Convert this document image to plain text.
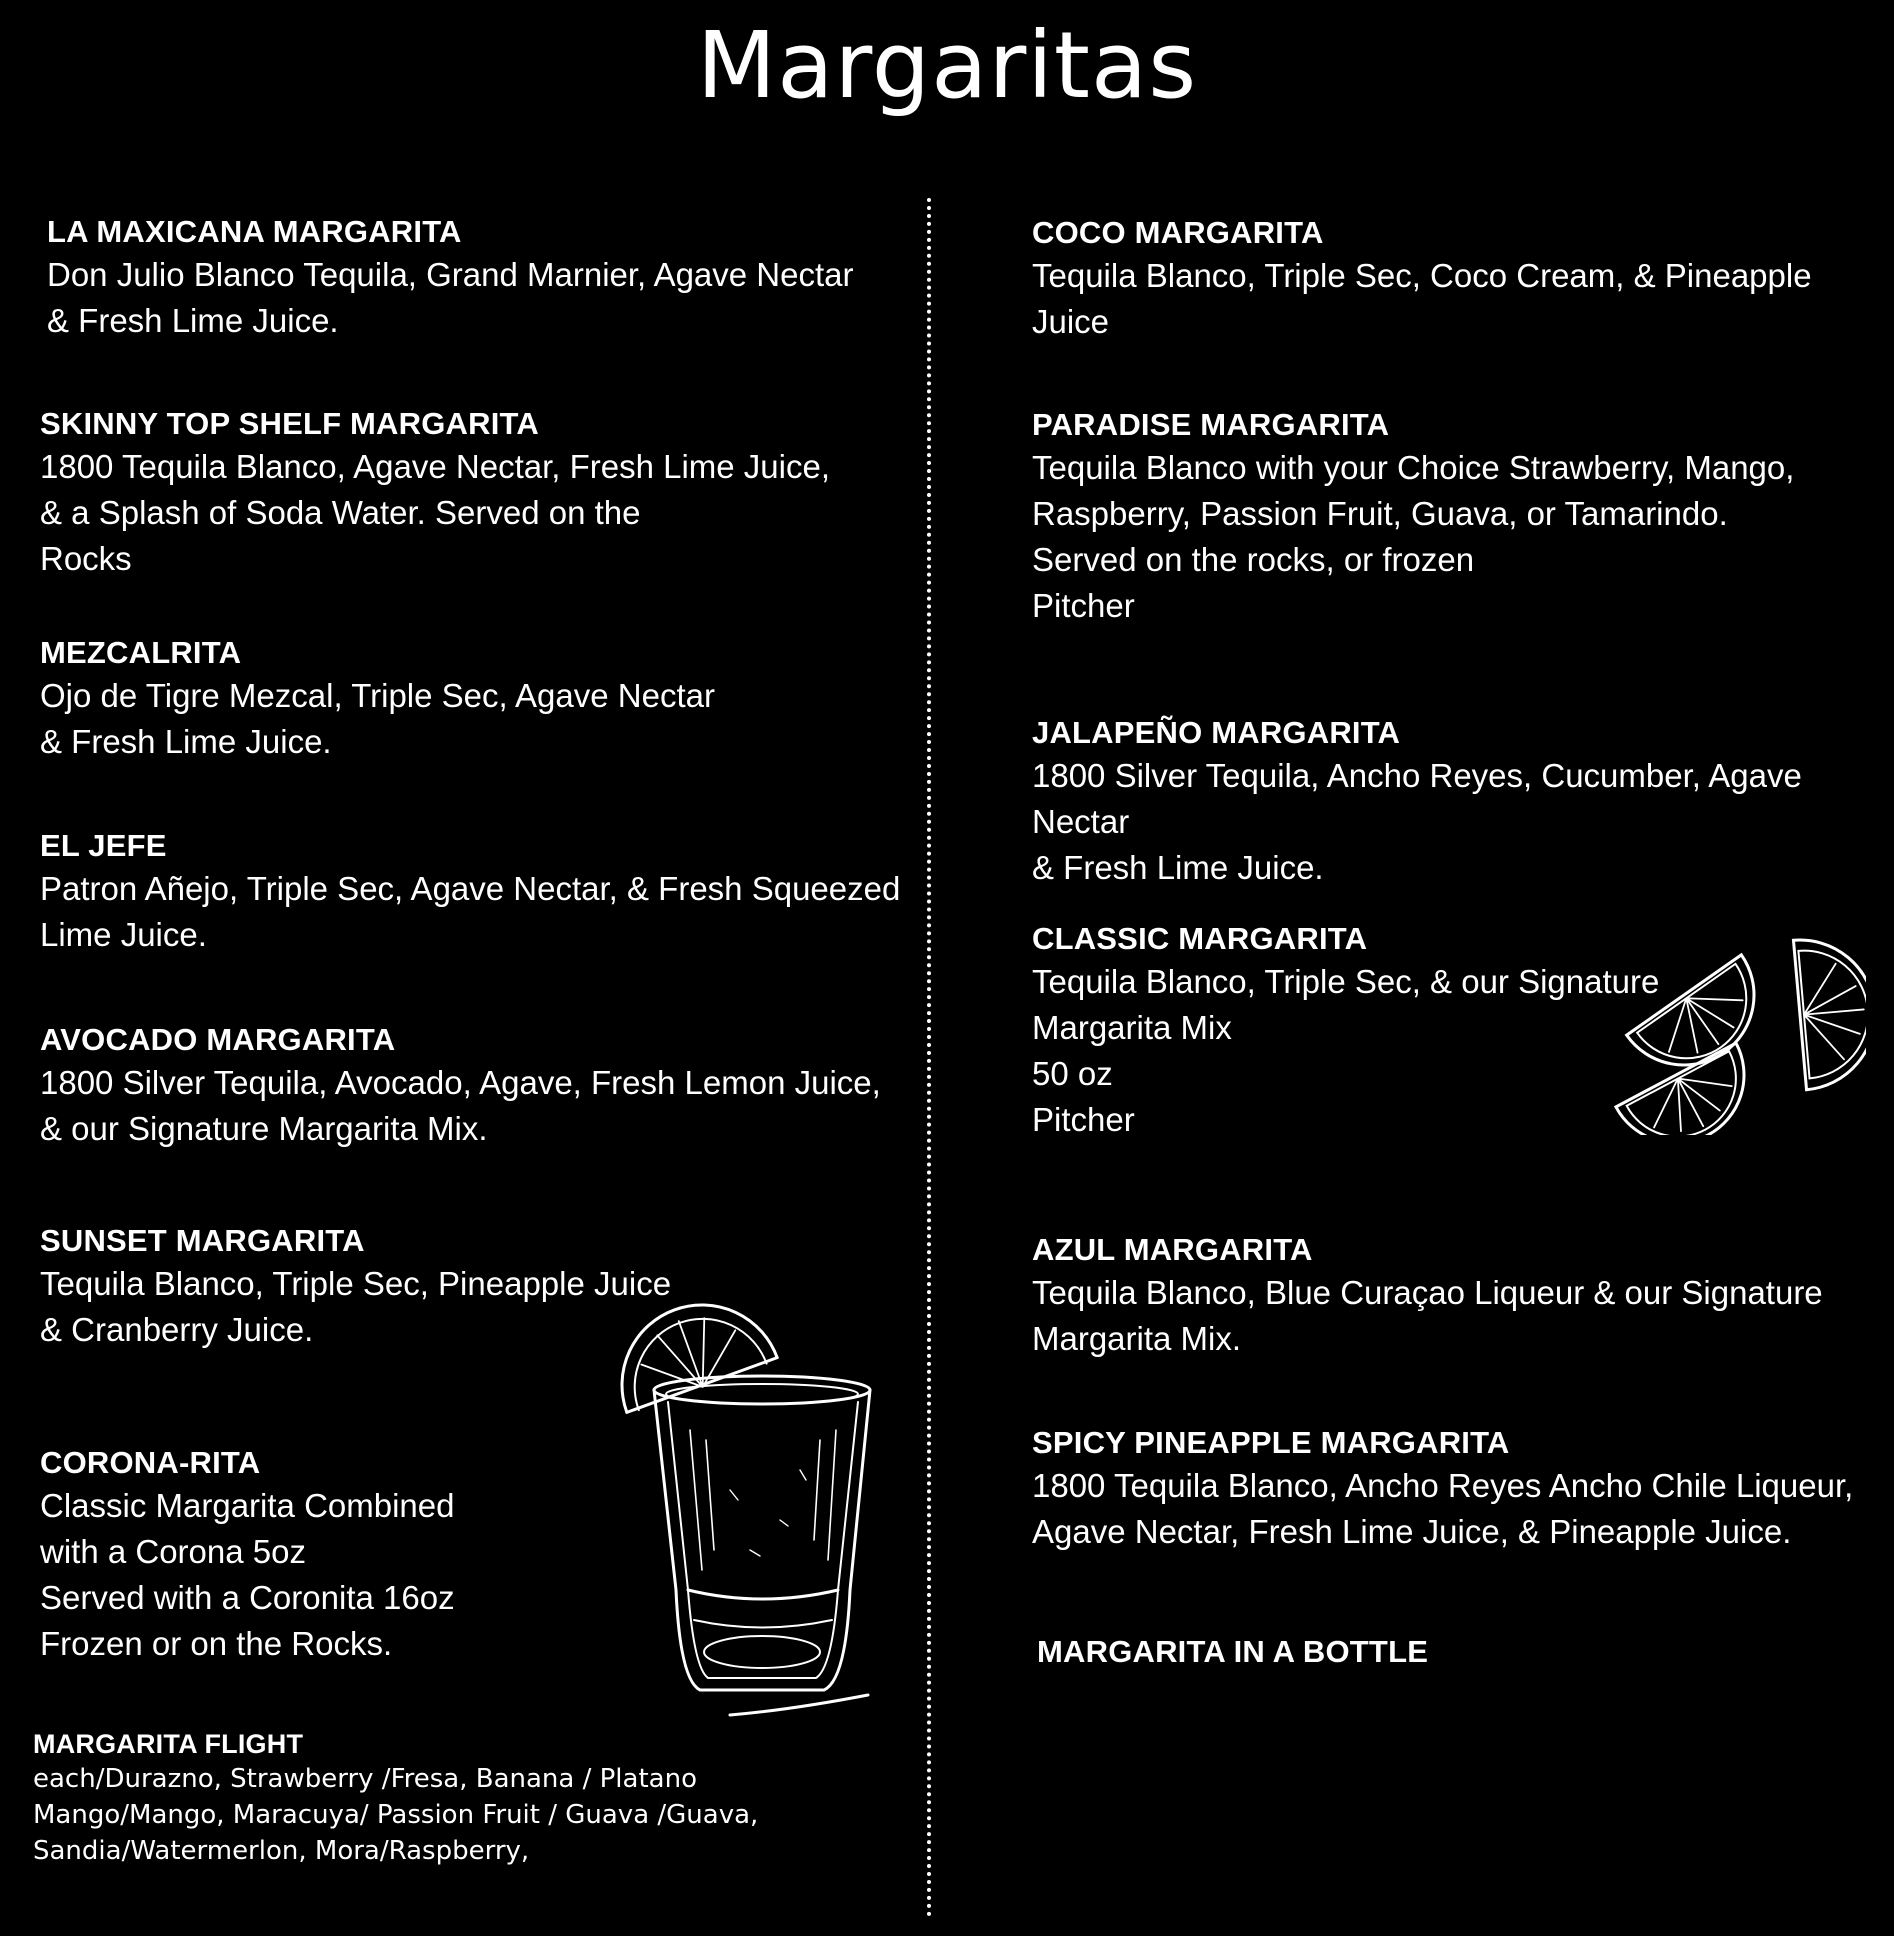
Margaritas
LA MAXICANA MARGARITA
Don Julio Blanco Tequila, Grand Marnier, Agave Nectar
& Fresh Lime Juice.
SKINNY TOP SHELF MARGARITA
1800 Tequila Blanco, Agave Nectar, Fresh Lime Juice,
& a Splash of Soda Water. Served on the
Rocks
MEZCALRITA
Ojo de Tigre Mezcal, Triple Sec, Agave Nectar
& Fresh Lime Juice.
EL JEFE
Patron Añejo, Triple Sec, Agave Nectar, & Fresh Squeezed
Lime Juice.
AVOCADO MARGARITA
1800 Silver Tequila, Avocado, Agave, Fresh Lemon Juice,
& our Signature Margarita Mix.
SUNSET MARGARITA
Tequila Blanco, Triple Sec, Pineapple Juice
& Cranberry Juice.
CORONA-RITA
Classic Margarita Combined
with a Corona 5oz
Served with a Coronita 16oz
Frozen or on the Rocks.
MARGARITA FLIGHT
each/Durazno, Strawberry /Fresa, Banana / Platano
Mango/Mango, Maracuya/ Passion Fruit / Guava /Guava,
Sandia/Watermerlon, Mora/Raspberry,
COCO MARGARITA
Tequila Blanco, Triple Sec, Coco Cream, & Pineapple
Juice
PARADISE MARGARITA
Tequila Blanco with your Choice Strawberry, Mango,
Raspberry, Passion Fruit, Guava, or Tamarindo.
Served on the rocks, or frozen
Pitcher
JALAPEÑO MARGARITA
1800 Silver Tequila, Ancho Reyes, Cucumber, Agave Nectar
& Fresh Lime Juice.
CLASSIC MARGARITA
Tequila Blanco, Triple Sec, & our Signature
Margarita Mix
50 oz
Pitcher
AZUL MARGARITA
Tequila Blanco, Blue Curaçao Liqueur & our Signature
Margarita Mix.
SPICY PINEAPPLE MARGARITA
1800 Tequila Blanco, Ancho Reyes Ancho Chile Liqueur,
Agave Nectar, Fresh Lime Juice, & Pineapple Juice.
MARGARITA IN A BOTTLE
